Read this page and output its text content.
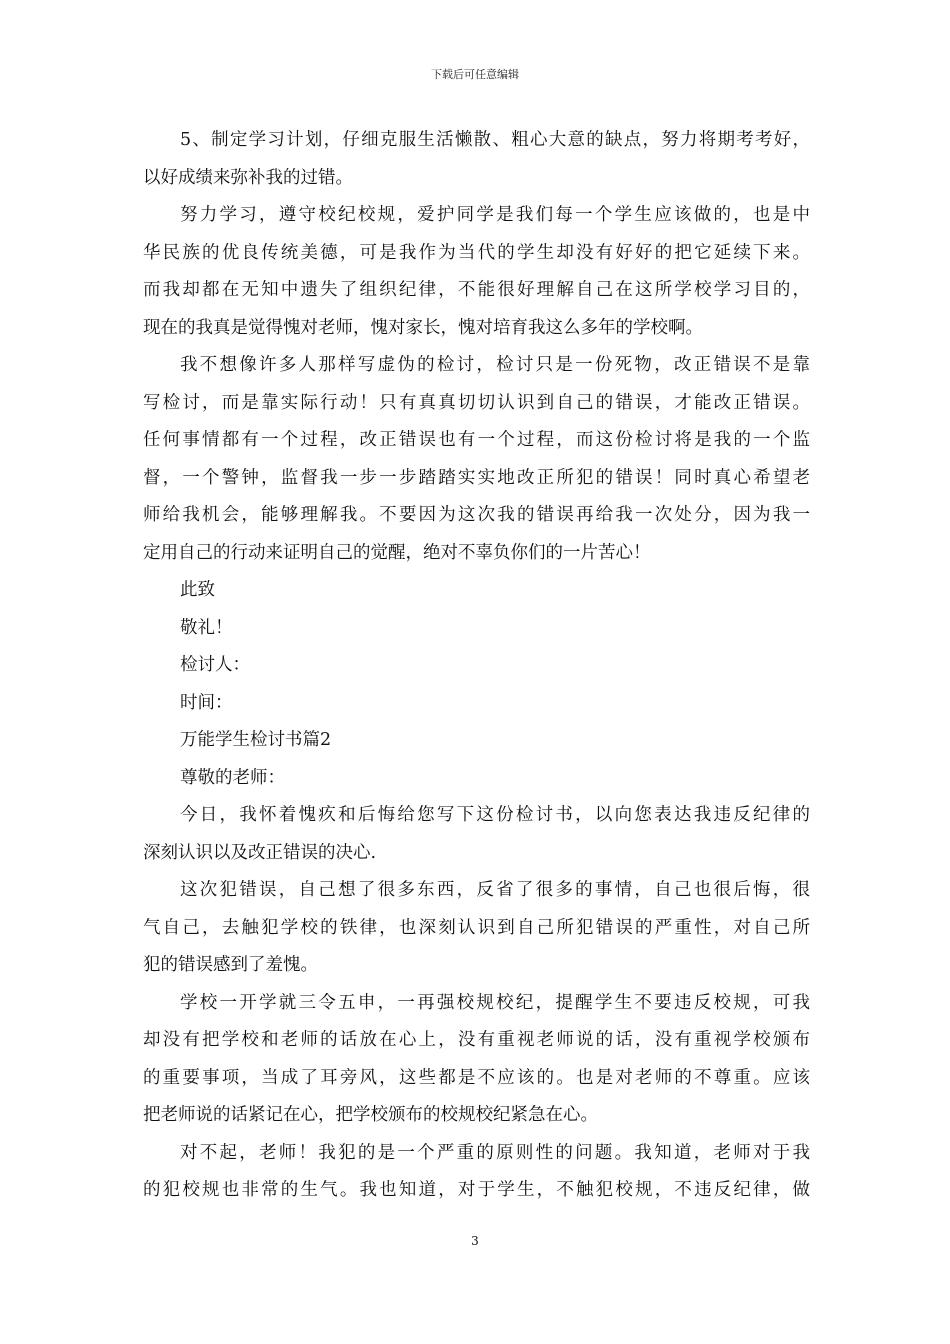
下载后可任意编辑
5、制定学习计划，仔细克服生活懒散、粗心大意的缺点，努力将期考考好，
以好成绩来弥补我的过错。
努力学习，遵守校纪校规，爱护同学是我们每一个学生应该做的，也是中
华民族的优良传统美德，可是我作为当代的学生却没有好好的把它延续下来。
而我却都在无知中遗失了组织纪律，不能很好理解自己在这所学校学习目的，
现在的我真是觉得愧对老师，愧对家长，愧对培育我这么多年的学校啊。
我不想像许多人那样写虚伪的检讨，检讨只是一份死物，改正错误不是靠
写检讨，而是靠实际行动！只有真真切切认识到自己的错误，才能改正错误。
任何事情都有一个过程，改正错误也有一个过程，而这份检讨将是我的一个监
督，一个警钟，监督我一步一步踏踏实实地改正所犯的错误！同时真心希望老
师给我机会，能够理解我。不要因为这次我的错误再给我一次处分，因为我一
定用自己的行动来证明自己的觉醒，绝对不辜负你们的一片苦心！
此致
敬礼！
检讨人：
时间：
万能学生检讨书篇2
尊敬的老师：
今日，我怀着愧疚和后悔给您写下这份检讨书，以向您表达我违反纪律的
深刻认识以及改正错误的决心.
这次犯错误，自己想了很多东西，反省了很多的事情，自己也很后悔，很
气自己，去触犯学校的铁律，也深刻认识到自己所犯错误的严重性，对自己所
犯的错误感到了羞愧。
学校一开学就三令五申，一再强校规校纪，提醒学生不要违反校规，可我
却没有把学校和老师的话放在心上，没有重视老师说的话，没有重视学校颁布
的重要事项，当成了耳旁风，这些都是不应该的。也是对老师的不尊重。应该
把老师说的话紧记在心，把学校颁布的校规校纪紧急在心。
对不起，老师！我犯的是一个严重的原则性的问题。我知道，老师对于我
的犯校规也非常的生气。我也知道，对于学生，不触犯校规，不违反纪律，做
3
